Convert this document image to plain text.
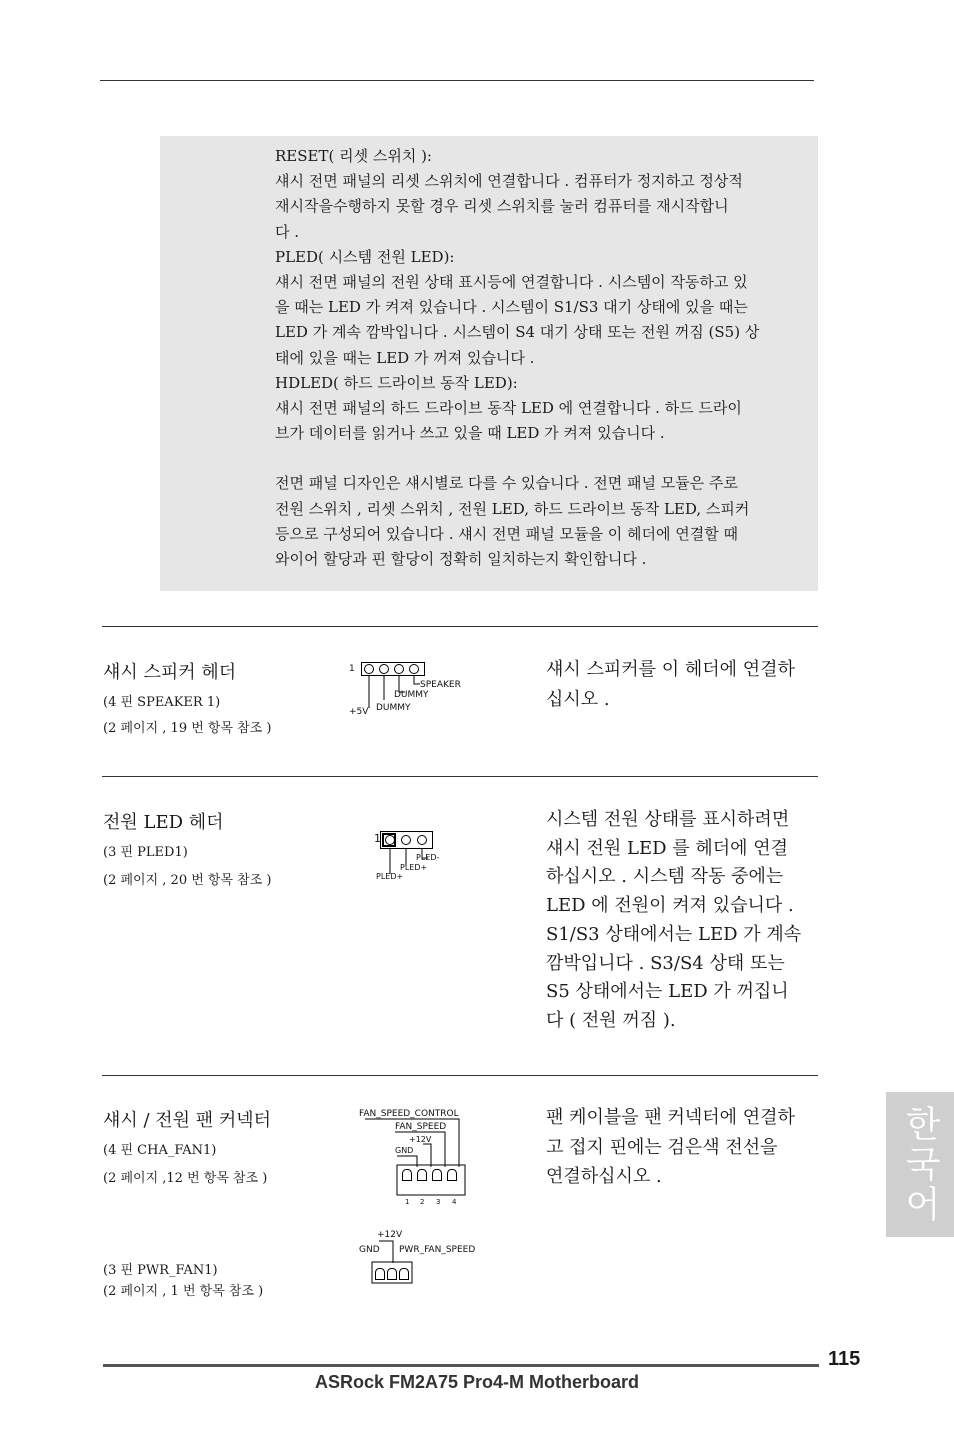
RESET( 리셋 스위치 ):

섀시 전면 패널의 리셋 스위치에 연결합니다 . 컴퓨터가 정지하고 정상적

재시작을수행하지 못할 경우 리셋 스위치를 눌러 컴퓨터를 재시작합니

다 .

PLED( 시스템 전원 LED):

섀시 전면 패널의 전원 상태 표시등에 연결합니다 . 시스템이 작동하고 있

을 때는 LED 가 켜져 있습니다 . 시스템이 S1/S3 대기 상태에 있을 때는

LED 가 계속 깜박입니다 . 시스템이 S4 대기 상태 또는 전원 꺼짐 (S5) 상

태에 있을 때는 LED 가 꺼져 있습니다 .

HDLED( 하드 드라이브 동작 LED):

섀시 전면 패널의 하드 드라이브 동작 LED 에 연결합니다 . 하드 드라이

브가 데이터를 읽거나 쓰고 있을 때 LED 가 켜져 있습니다 .

전면 패널 디자인은 섀시별로 다를 수 있습니다 . 전면 패널 모듈은 주로

전원 스위치 , 리셋 스위치 , 전원 LED, 하드 드라이브 동작 LED, 스피커

등으로 구성되어 있습니다 . 섀시 전면 패널 모듈을 이 헤더에 연결할 때

와이어 할당과 핀 할당이 정확히 일치하는지 확인합니다 .

섀시 스피커 헤더
(4 핀 SPEAKER 1)
(2 페이지 , 19 번 항목 참조 )
섀시 스피커를 이 헤더에 연결하
십시오 .
1
SPEAKER
DUMMY
+5V DUMMY
전원 LED 헤더
(3 핀 PLED1)
(2 페이지 , 20 번 항목 참조 )
시스템 전원 상태를 표시하려면
섀시 전원 LED 를 헤더에 연결
하십시오 . 시스템 작동 중에는
LED 에 전원이 켜져 있습니다 .
S1/S3 상태에서는 LED 가 계속
깜박입니다 . S3/S4 상태 또는
S5 상태에서는 LED 가 꺼집니
다 ( 전원 꺼짐 ).
1
PLED-
PLED+
PLED+
섀시 / 전원 팬 커넥터
(4 핀 CHA_FAN1)
(2 페이지 ,12 번 항목 참조 )
(3 핀 PWR_FAN1)
(2 페이지 , 1 번 항목 참조 )
팬 케이블을 팬 커넥터에 연결하
고 접지 핀에는 검은색 전선을
연결하십시오 .
FAN_SPEED_CONTROL
FAN_SPEED
+12V
GND
1 2 3 4
+12V
GND PWR_FAN_SPEED
한국어
115
ASRock FM2A75 Pro4-M Motherboard
